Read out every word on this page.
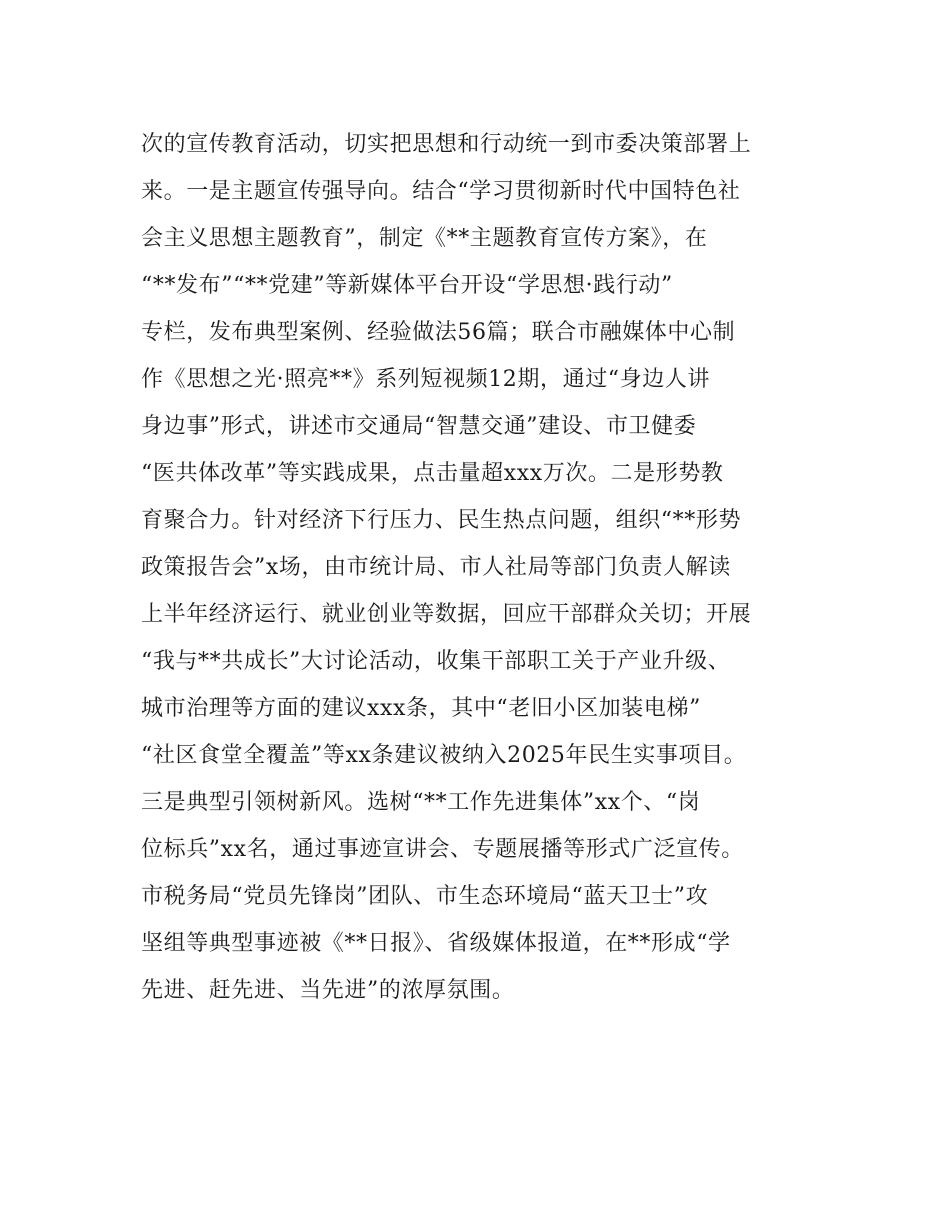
次的宣传教育活动，切实把思想和行动统一到市委决策部署上
来。一是主题宣传强导向。结合“学习贯彻新时代中国特色社
会主义思想主题教育”，制定《**主题教育宣传方案》，在
“**发布”“**党建”等新媒体平台开设“学思想·践行动”
专栏，发布典型案例、经验做法56篇；联合市融媒体中心制
作《思想之光·照亮**》系列短视频12期，通过“身边人讲
身边事”形式，讲述市交通局“智慧交通”建设、市卫健委
“医共体改革”等实践成果，点击量超xxx万次。二是形势教
育聚合力。针对经济下行压力、民生热点问题，组织“**形势
政策报告会”x场，由市统计局、市人社局等部门负责人解读
上半年经济运行、就业创业等数据，回应干部群众关切；开展
“我与**共成长”大讨论活动，收集干部职工关于产业升级、
城市治理等方面的建议xxx条，其中“老旧小区加装电梯”
“社区食堂全覆盖”等xx条建议被纳入2025年民生实事项目。
三是典型引领树新风。选树“**工作先进集体”xx个、“岗
位标兵”xx名，通过事迹宣讲会、专题展播等形式广泛宣传。
市税务局“党员先锋岗”团队、市生态环境局“蓝天卫士”攻
坚组等典型事迹被《**日报》、省级媒体报道，在**形成“学
先进、赶先进、当先进”的浓厚氛围。
